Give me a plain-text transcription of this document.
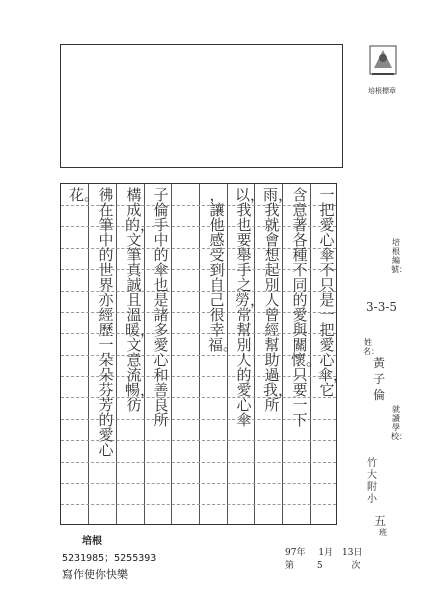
培根標章
一把愛心傘不只是一把愛心傘，它
含意著各種不同的愛與關懷。只要一下
雨，我就會想起別人曾經幫助過我，所
以，我也要舉手之勞，常幫別人的愛心傘
，讓他感受到自己很幸福。
子倫手中的傘也是諸多愛心和善良所
構成的，文筆真誠且溫暖，文意流暢，彷
彿在筆中的世界亦經歷一朵朵芬芳的愛心
花。
培根編號：
3-3-5
姓名：
黃子倫
就讀學校：
竹大附小
五
班
培根
5231985；5255393
寫作使你快樂
97年 1月 13日
第	5	次
